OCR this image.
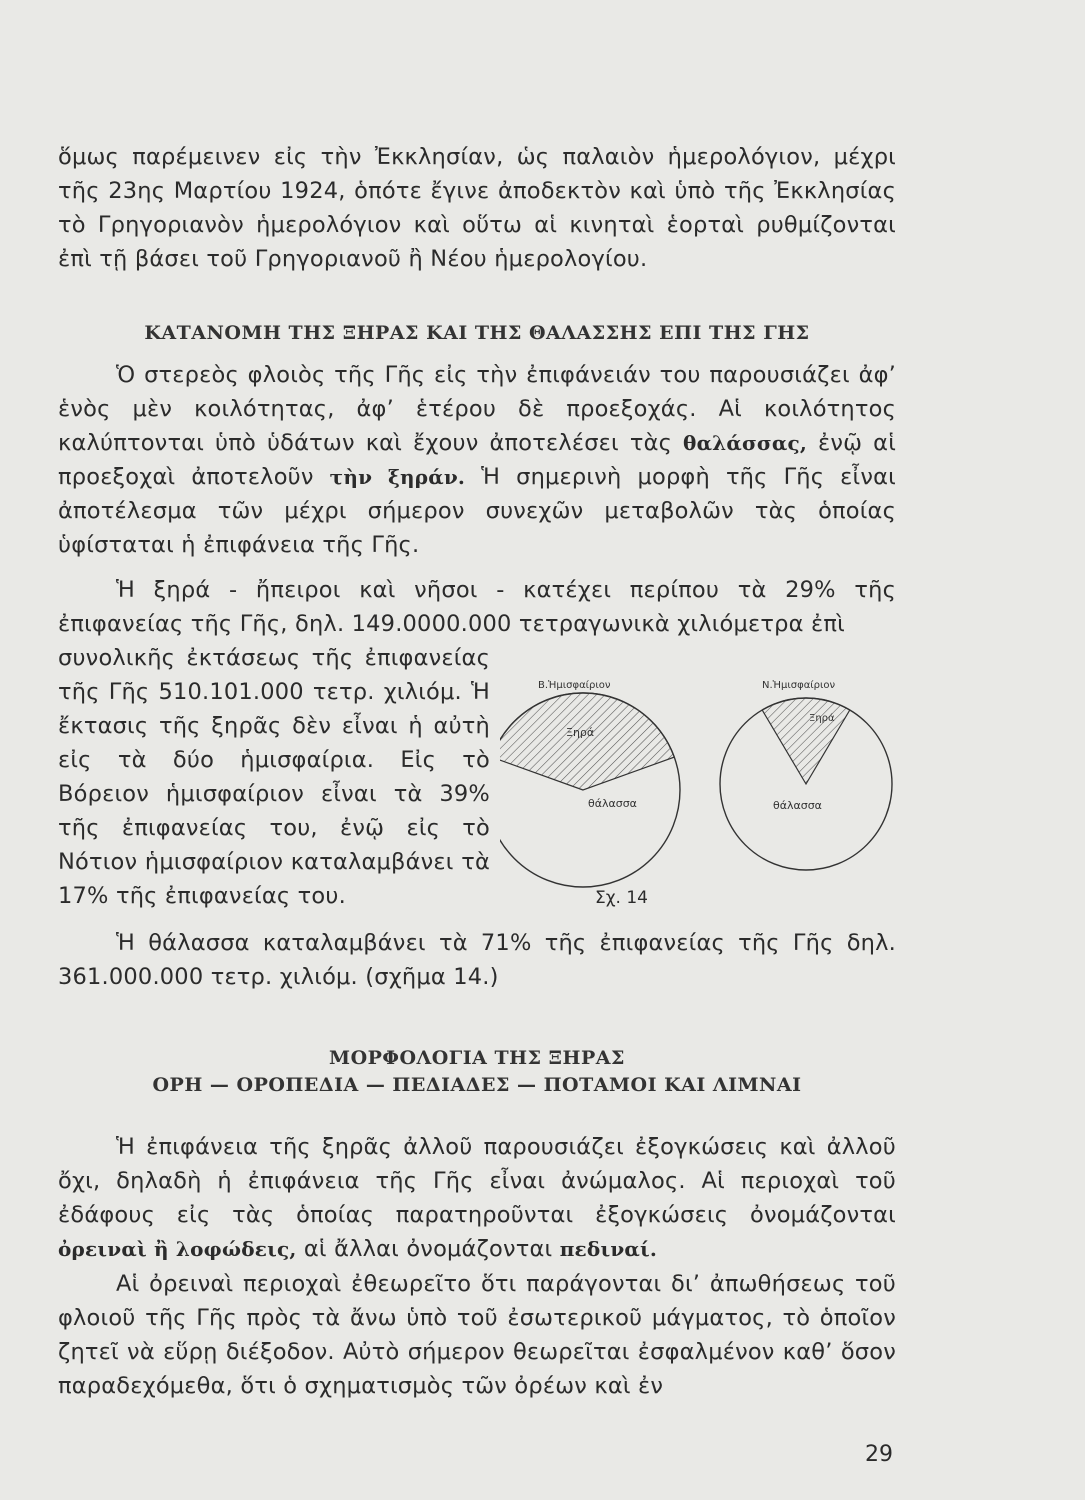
ὅμως παρέμεινεν εἰς τὴν Ἐκκλησίαν, ὡς παλαιὸν ἡμερολόγιον, μέχρι τῆς 23ης Μαρτίου 1924, ὁπότε ἔγινε ἀποδεκτὸν καὶ ὑπὸ τῆς Ἐκκλησίας τὸ Γρηγοριανὸν ἡμερολόγιον καὶ οὕτω αἱ κινηταὶ ἑορταὶ ρυθμίζονται ἐπὶ τῇ βάσει τοῦ Γρηγοριανοῦ ἢ Νέου ἡμερολογίου.

ΚΑΤΑΝΟΜΗ ΤΗΣ ΞΗΡΑΣ ΚΑΙ ΤΗΣ ΘΑΛΑΣΣΗΣ ΕΠΙ ΤΗΣ ΓΗΣ

Ὁ στερεὸς φλοιὸς τῆς Γῆς εἰς τὴν ἐπιφάνειάν του παρουσιάζει ἀφ’ ἑνὸς μὲν κοιλότητας, ἀφ’ ἑτέρου δὲ προεξοχάς. Αἱ κοιλότητος καλύπτονται ὑπὸ ὑδάτων καὶ ἔχουν ἀποτελέσει τὰς θαλάσσας, ἐνῷ αἱ προεξοχαὶ ἀποτελοῦν τὴν ξηράν. Ἡ σημερινὴ μορφὴ τῆς Γῆς εἶναι ἀποτέλεσμα τῶν μέχρι σήμερον συνεχῶν μεταβολῶν τὰς ὁποίας ὑφίσταται ἡ ἐπιφάνεια τῆς Γῆς.

Ἡ ξηρά - ἤπειροι καὶ νῆσοι - κατέχει περίπου τὰ 29% τῆς ἐπιφανείας τῆς Γῆς, δηλ. 149.0000.000 τετραγωνικὰ χιλιόμετρα ἐπὶ

συνολικῆς ἐκτάσεως τῆς ἐπιφανείας τῆς Γῆς 510.101.000 τετρ. χιλιόμ. Ἡ ἔκτασις τῆς ξηρᾶς δὲν εἶναι ἡ αὐτὴ εἰς τὰ δύο ἡμισφαίρια. Εἰς τὸ Βόρειον ἡμισφαίριον εἶναι τὰ 39% τῆς ἐπιφανείας του, ἐνῷ εἰς τὸ Νότιον ἡμισφαίριον καταλαμβάνει τὰ 17% τῆς ἐπιφανείας του.

Β.Ἡμισφαίριον	Ν.Ἡμισφαίριον
Ξηρά
θάλασσα
Ξηρά
θάλασσα
Σχ. 14

Ἡ θάλασσα καταλαμβάνει τὰ 71% τῆς ἐπιφανείας τῆς Γῆς δηλ. 361.000.000 τετρ. χιλιόμ. (σχῆμα 14.)

ΜΟΡΦΟΛΟΓΙΑ ΤΗΣ ΞΗΡΑΣ
ΟΡΗ — ΟΡΟΠΕΔΙΑ — ΠΕΔΙΑΔΕΣ — ΠΟΤΑΜΟΙ ΚΑΙ ΛΙΜΝΑΙ

Ἡ ἐπιφάνεια τῆς ξηρᾶς ἀλλοῦ παρουσιάζει ἐξογκώσεις καὶ ἀλλοῦ ὄχι, δηλαδὴ ἡ ἐπιφάνεια τῆς Γῆς εἶναι ἀνώμαλος. Αἱ περιοχαὶ τοῦ ἐδάφους εἰς τὰς ὁποίας παρατηροῦνται ἐξογκώσεις ὀνομάζονται ὀρειναὶ ἢ λοφώδεις, αἱ ἄλλαι ὀνομάζονται πεδιναί.

Αἱ ὀρειναὶ περιοχαὶ ἐθεωρεῖτο ὅτι παράγονται δι’ ἀπωθήσεως τοῦ φλοιοῦ τῆς Γῆς πρὸς τὰ ἄνω ὑπὸ τοῦ ἐσωτερικοῦ μάγματος, τὸ ὁποῖον ζητεῖ νὰ εὕρῃ διέξοδον. Αὐτὸ σήμερον θεωρεῖται ἐσφαλμένον καθ’ ὅσον παραδεχόμεθα, ὅτι ὁ σχηματισμὸς τῶν ὀρέων καὶ ἐν

29
